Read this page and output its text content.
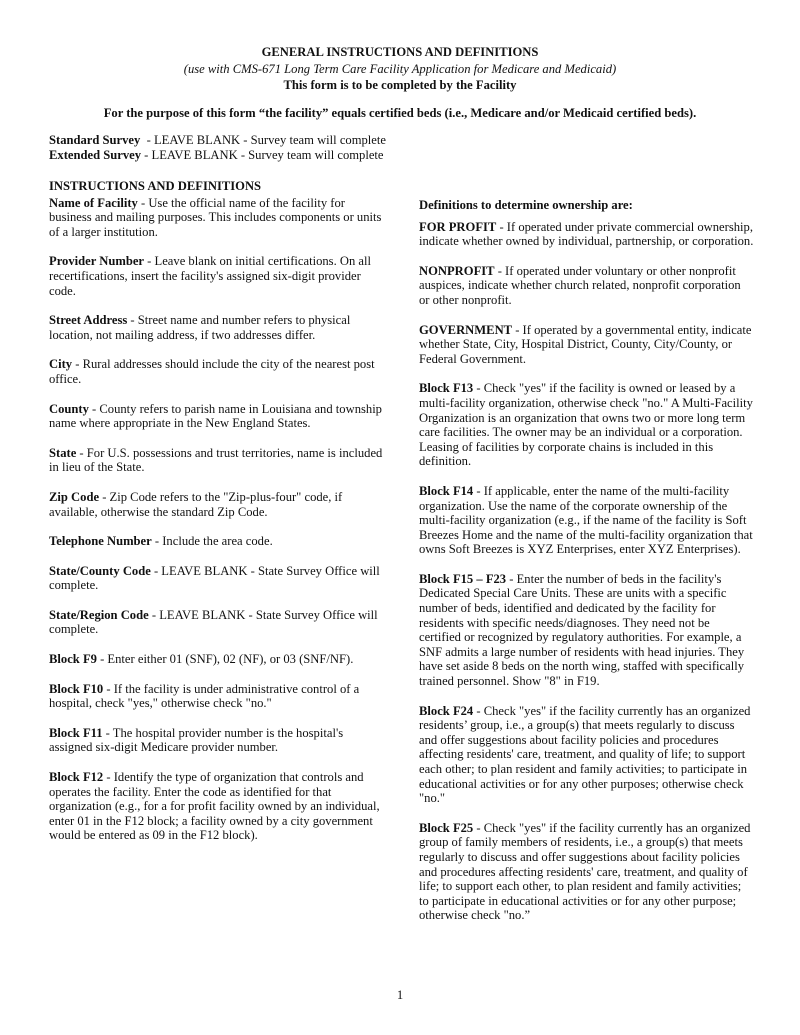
GENERAL INSTRUCTIONS AND DEFINITIONS
(use with CMS-671 Long Term Care Facility Application for Medicare and Medicaid)
This form is to be completed by the Facility
For the purpose of this form “the facility” equals certified beds (i.e., Medicare and/or Medicaid certified beds).
Standard Survey  - LEAVE BLANK - Survey team will complete
Extended Survey - LEAVE BLANK - Survey team will complete

INSTRUCTIONS AND DEFINITIONS

Name of Facility - Use the official name of the facility for business and mailing purposes. This includes components or units of a larger institution.

Provider Number - Leave blank on initial certifications. On all recertifications, insert the facility's assigned six-digit provider code.

Street Address - Street name and number refers to physical location, not mailing address, if two addresses differ.

City - Rural addresses should include the city of the nearest post office.

County - County refers to parish name in Louisiana and township name where appropriate in the New England States.

State - For U.S. possessions and trust territories, name is included in lieu of the State.

Zip Code - Zip Code refers to the "Zip-plus-four" code, if available, otherwise the standard Zip Code.

Telephone Number - Include the area code.

State/County Code - LEAVE BLANK - State Survey Office will complete.

State/Region Code - LEAVE BLANK - State Survey Office will complete.

Block F9 - Enter either 01 (SNF), 02 (NF), or 03 (SNF/NF).

Block F10 - If the facility is under administrative control of a hospital, check "yes," otherwise check "no."

Block F11 - The hospital provider number is the hospital's assigned six-digit Medicare provider number.

Block F12 - Identify the type of organization that controls and operates the facility. Enter the code as identified for that organization (e.g., for a for profit facility owned by an individual, enter 01 in the F12 block; a facility owned by a city government would be entered as 09 in the F12 block).

Definitions to determine ownership are:

FOR PROFIT - If operated under private commercial ownership, indicate whether owned by individual, partnership, or corporation.

NONPROFIT - If operated under voluntary or other nonprofit auspices, indicate whether church related, nonprofit corporation or other nonprofit.

GOVERNMENT - If operated by a governmental entity, indicate whether State, City, Hospital District, County, City/County, or Federal Government.

Block F13 - Check "yes" if the facility is owned or leased by a multi-facility organization, otherwise check "no." A Multi-Facility Organization is an organization that owns two or more long term care facilities. The owner may be an individual or a corporation. Leasing of facilities by corporate chains is included in this definition.

Block F14 - If applicable, enter the name of the multi-facility organization. Use the name of the corporate ownership of the multi-facility organization (e.g., if the name of the facility is Soft Breezes Home and the name of the multi-facility organization that owns Soft Breezes is XYZ Enterprises, enter XYZ Enterprises).

Block F15 – F23 - Enter the number of beds in the facility's Dedicated Special Care Units. These are units with a specific number of beds, identified and dedicated by the facility for residents with specific needs/diagnoses. They need not be certified or recognized by regulatory authorities. For example, a SNF admits a large number of residents with head injuries. They have set aside 8 beds on the north wing, staffed with specifically trained personnel. Show "8" in F19.

Block F24 - Check "yes" if the facility currently has an organized residents’ group, i.e., a group(s) that meets regularly to discuss and offer suggestions about facility policies and procedures affecting residents' care, treatment, and quality of life; to support each other; to plan resident and family activities; to participate in educational activities or for any other purposes; otherwise check "no."

Block F25 - Check "yes" if the facility currently has an organized group of family members of residents, i.e., a group(s) that meets regularly to discuss and offer suggestions about facility policies and procedures affecting residents' care, treatment, and quality of life; to support each other, to plan resident and family activities; to participate in educational activities or for any other purpose; otherwise check "no.”

1
